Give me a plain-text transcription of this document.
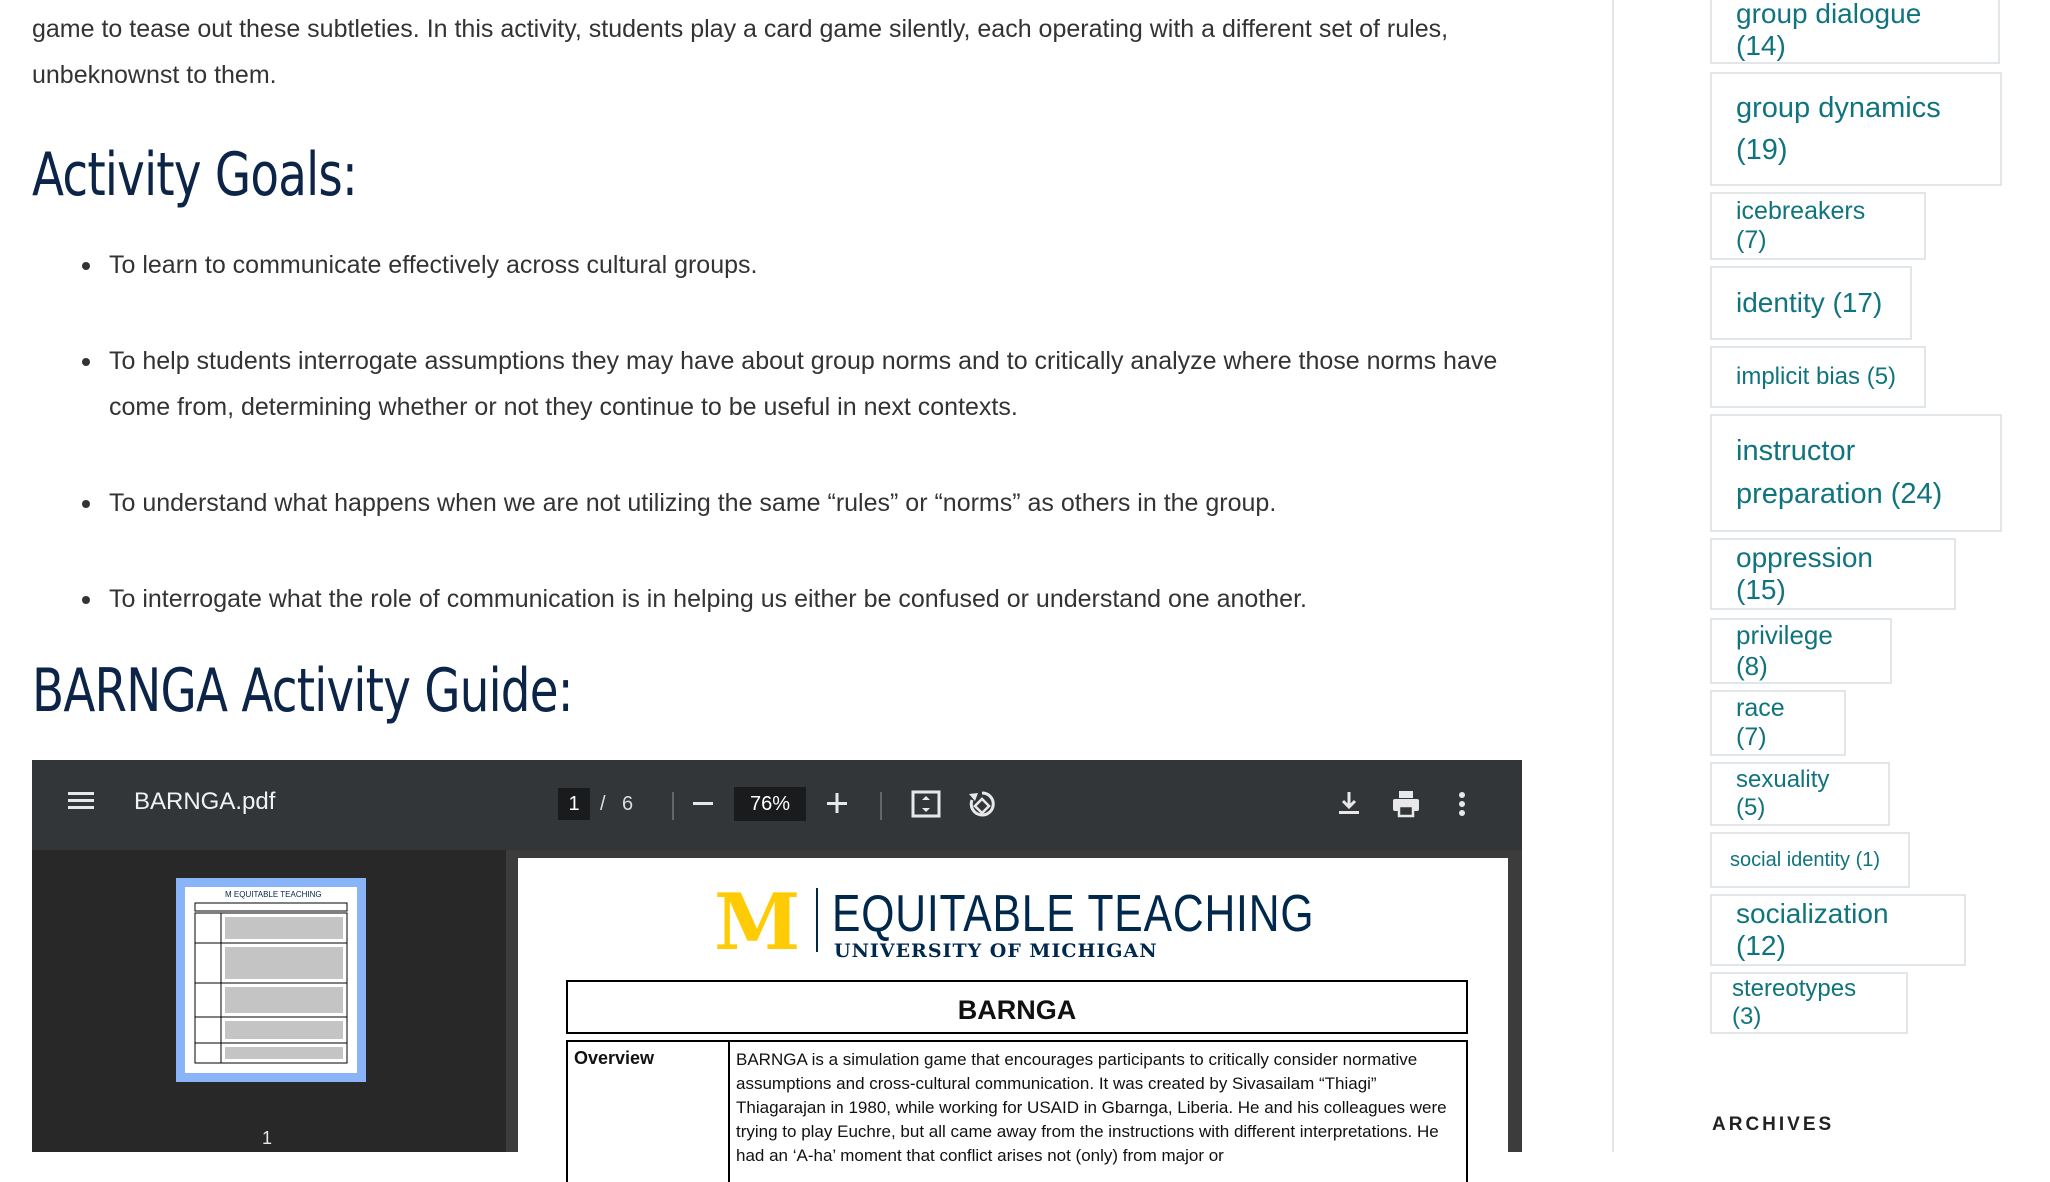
game to tease out these subtleties. In this activity, students play a card game silently, each operating with a different set of rules, unbeknownst to them.

Activity Goals:
To learn to communicate effectively across cultural groups.
To help students interrogate assumptions they may have about group norms and to critically analyze where those norms have come from, determining whether or not they continue to be useful in next contexts.
To understand what happens when we are not utilizing the same “rules” or “norms” as others in the group.
To interrogate what the role of communication is in helping us either be confused or understand one another.
BARNGA Activity Guide:
BARNGA.pdf	1	/ 6	76%
M EQUITABLE TEACHING
1
M EQUITABLE TEACHING
UNIVERSITY OF MICHIGAN
BARNGA
Overview	BARNGA is a simulation game that encourages participants to critically consider normative assumptions and cross-cultural communication. It was created by Sivasailam “Thiagi” Thiagarajan in 1980, while working for USAID in Gbarnga, Liberia. He and his colleagues were trying to play Euchre, but all came away from the instructions with different interpretations. He had an ‘A-ha’ moment that conflict arises not (only) from major or
group dialogue (14)
group dynamics (19)
icebreakers (7)
identity (17)
implicit bias (5)
instructor preparation (24)
oppression (15)
privilege (8)
race (7)
sexuality (5)
social identity (1)
socialization (12)
stereotypes (3)
ARCHIVES
